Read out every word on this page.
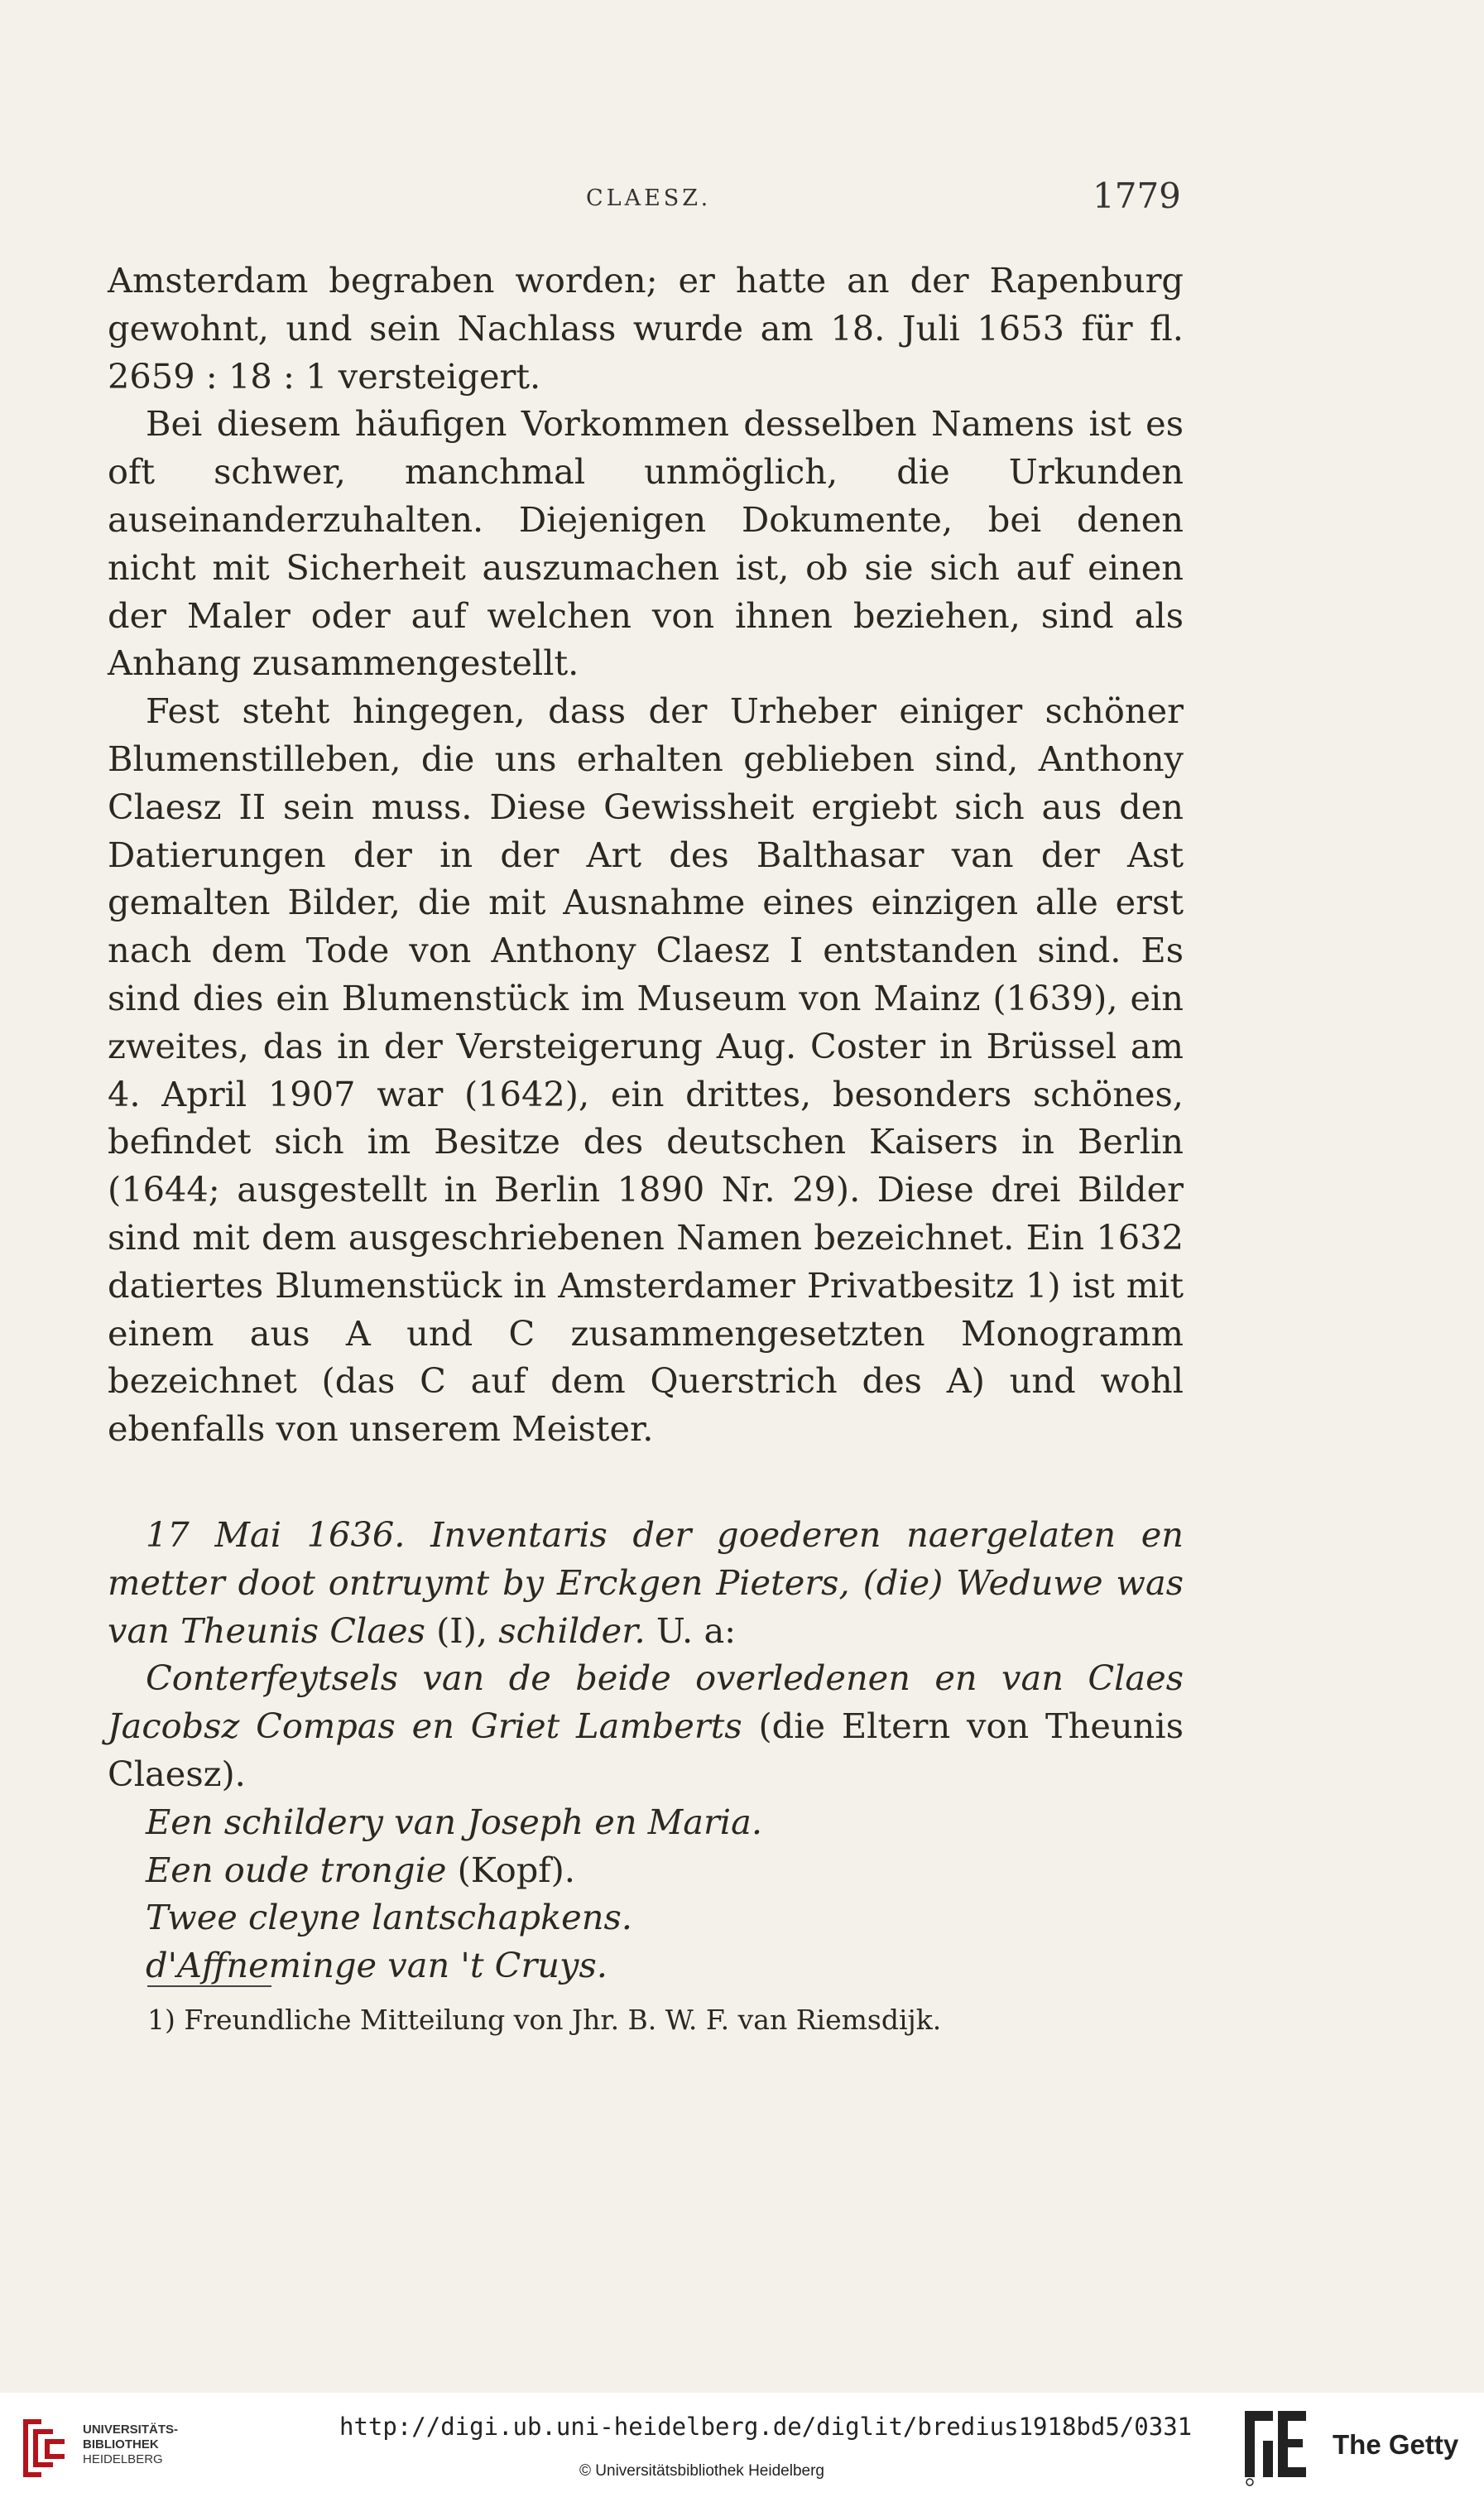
CLAESZ.	1779

Amsterdam begraben worden; er hatte an der Rapenburg gewohnt, und sein Nachlass wurde am 18. Juli 1653 für fl. 2659 : 18 : 1 versteigert.

Bei diesem häufigen Vorkommen desselben Namens ist es oft schwer, manchmal unmöglich, die Urkunden auseinanderzuhalten. Diejenigen Dokumente, bei denen nicht mit Sicherheit auszumachen ist, ob sie sich auf einen der Maler oder auf welchen von ihnen beziehen, sind als Anhang zusammengestellt.

Fest steht hingegen, dass der Urheber einiger schöner Blumenstilleben, die uns erhalten geblieben sind, Anthony Claesz II sein muss. Diese Gewissheit ergiebt sich aus den Datierungen der in der Art des Balthasar van der Ast gemalten Bilder, die mit Ausnahme eines einzigen alle erst nach dem Tode von Anthony Claesz I entstanden sind. Es sind dies ein Blumenstück im Museum von Mainz (1639), ein zweites, das in der Versteigerung Aug. Coster in Brüssel am 4. April 1907 war (1642), ein drittes, besonders schönes, befindet sich im Besitze des deutschen Kaisers in Berlin (1644; ausgestellt in Berlin 1890 Nr. 29). Diese drei Bilder sind mit dem ausgeschriebenen Namen bezeichnet. Ein 1632 datiertes Blumenstück in Amsterdamer Privatbesitz 1) ist mit einem aus A und C zusammengesetzten Monogramm bezeichnet (das C auf dem Querstrich des A) und wohl ebenfalls von unserem Meister.

17 Mai 1636. Inventaris der goederen naergelaten en metter doot ontruymt by Erckgen Pieters, (die) Weduwe was van Theunis Claes (I), schilder. U. a:

Conterfeytsels van de beide overledenen en van Claes Jacobsz Compas en Griet Lamberts (die Eltern von Theunis Claesz).

Een schildery van Joseph en Maria.

Een oude trongie (Kopf).

Twee cleyne lantschapkens.

d'Affneminge van 't Cruys.

1) Freundliche Mitteilung von Jhr. B. W. F. van Riemsdijk.
UNIVERSITÄTS-
BIBLIOTHEK
HEIDELBERG
http://digi.ub.uni-heidelberg.de/diglit/bredius1918bd5/0331
© Universitätsbibliothek Heidelberg
The Getty
